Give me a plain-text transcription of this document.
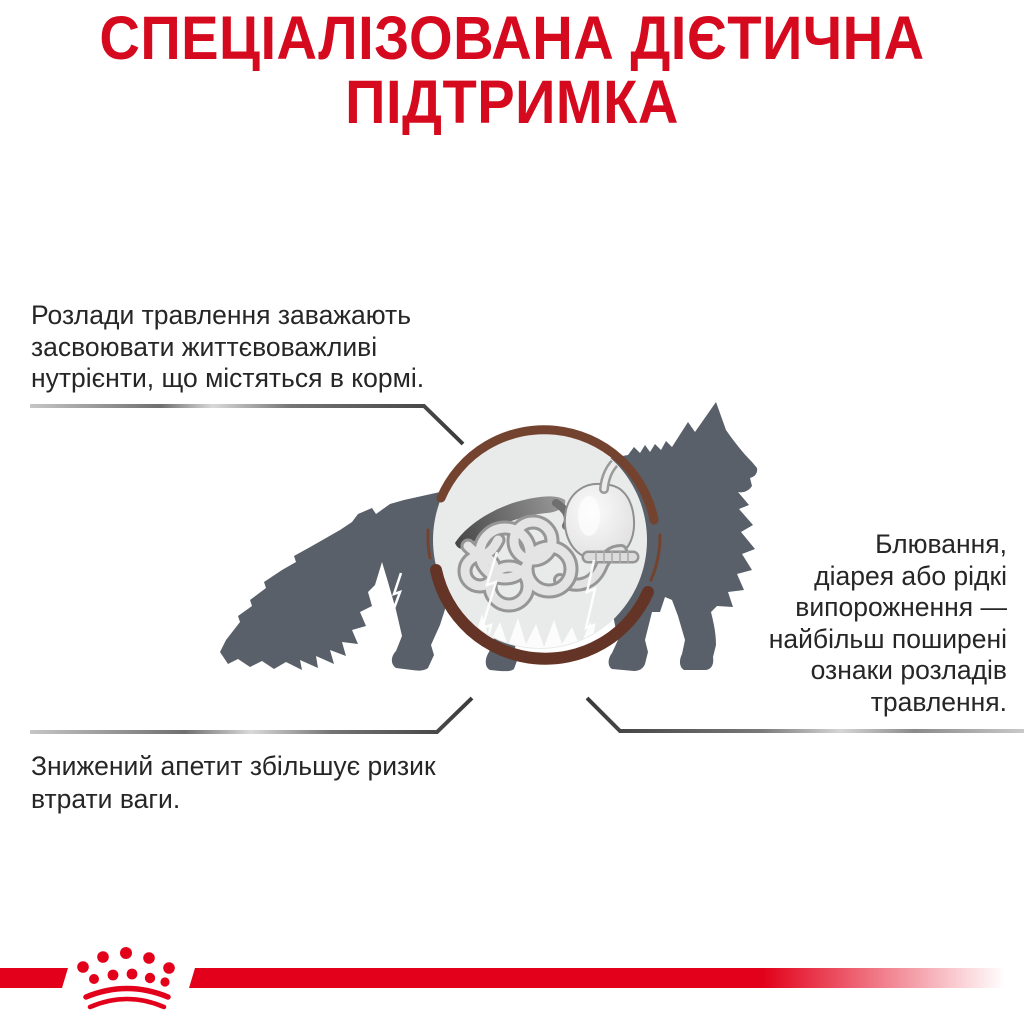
СПЕЦІАЛІЗОВАНА ДІЄТИЧНА
ПІДТРИМКА
Розлади травлення заважають
засвоювати життєвоважливі
нутрієнти, що містяться в кормі.
Блювання,
діарея або рідкі
випорожнення —
найбільш поширені
ознаки розладів
травлення.
Знижений апетит збільшує ризик
втрати ваги.
